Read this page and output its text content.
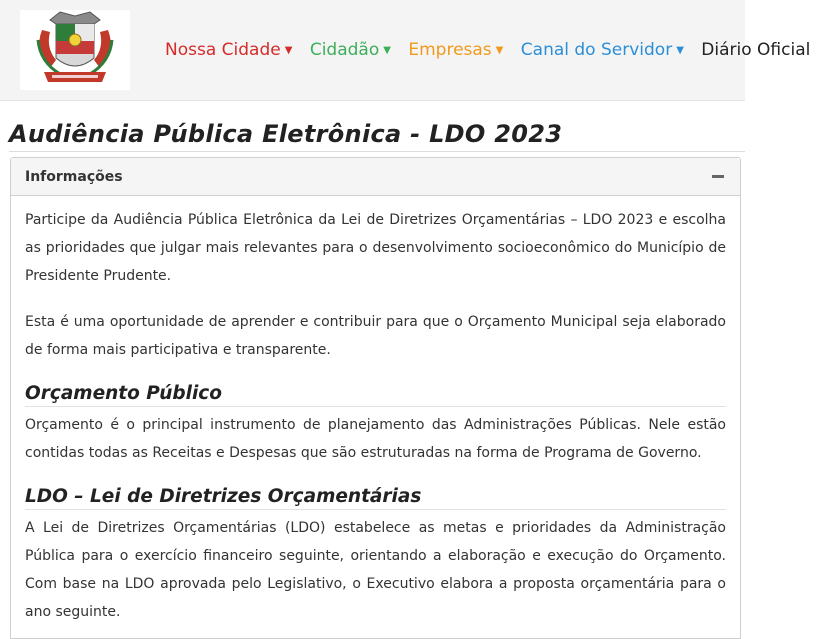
Nossa Cidade ▼ Cidadão ▼ Empresas ▼ Canal do Servidor ▼ Diário Oficial
Audiência Pública Eletrônica - LDO 2023
Informações

Participe da Audiência Pública Eletrônica da Lei de Diretrizes Orçamentárias – LDO 2023 e escolha as prioridades que julgar mais relevantes para o desenvolvimento socioeconômico do Município de Presidente Prudente.

Esta é uma oportunidade de aprender e contribuir para que o Orçamento Municipal seja elaborado de forma mais participativa e transparente.

Orçamento Público

Orçamento é o principal instrumento de planejamento das Administrações Públicas. Nele estão contidas todas as Receitas e Despesas que são estruturadas na forma de Programa de Governo.

LDO – Lei de Diretrizes Orçamentárias

A Lei de Diretrizes Orçamentárias (LDO) estabelece as metas e prioridades da Administração Pública para o exercício financeiro seguinte, orientando a elaboração e execução do Orçamento. Com base na LDO aprovada pelo Legislativo, o Executivo elabora a proposta orçamentária para o ano seguinte.
